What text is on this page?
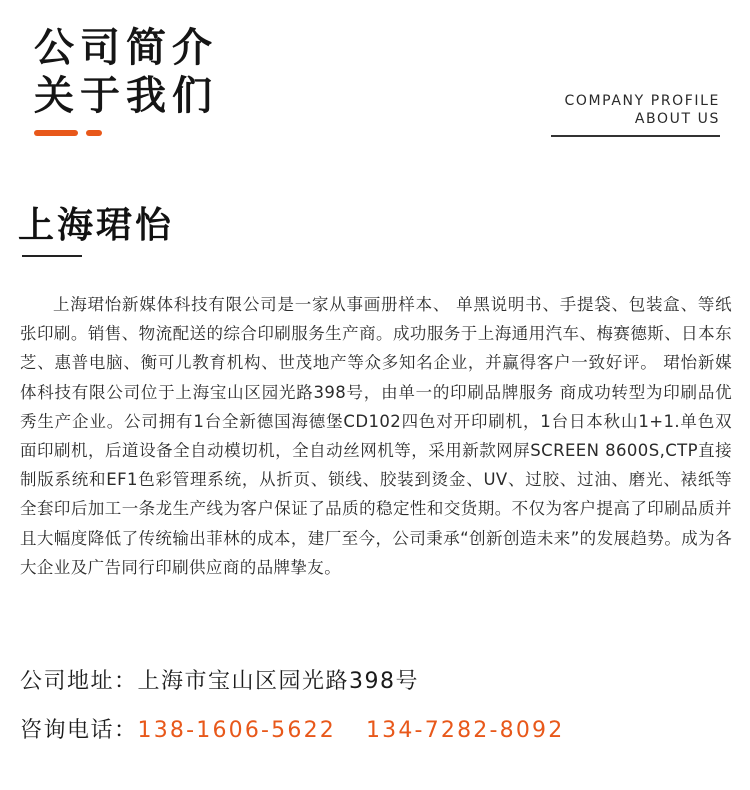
公司简介
关于我们	COMPANY PROFILE
ABOUT US
上海珺怡

上海珺怡新媒体科技有限公司是一家从事画册样本、 单黑说明书、手提袋、包装盒、等纸张印刷。销售、物流配送的综合印刷服务生产商。成功服务于上海通用汽车、梅赛德斯、日本东芝、惠普电脑、衡可儿教育机构、世茂地产等众多知名企业，并赢得客户一致好评。 珺怡新媒体科技有限公司位于上海宝山区园光路398号，由单一的印刷品牌服务 商成功转型为印刷品优秀生产企业。公司拥有1台全新德国海德堡CD102四色对开印刷机，1台日本秋山1+1.单色双面印刷机，后道设备全自动模切机，全自动丝网机等，采用新款网屏SCREEN 8600S,CTP直接制版系统和EF1色彩管理系统，从折页、锁线、胶装到烫金、UV、过胶、过油、磨光、裱纸等全套印后加工一条龙生产线为客户保证了品质的稳定性和交货期。不仅为客户提高了印刷品质并且大幅度降低了传统输出菲林的成本，建厂至今，公司秉承“创新创造未来”的发展趋势。成为各大企业及广告同行印刷供应商的品牌挚友。

公司地址：上海市宝山区园光路398号
咨询电话：138-1606-5622 134-7282-8092
